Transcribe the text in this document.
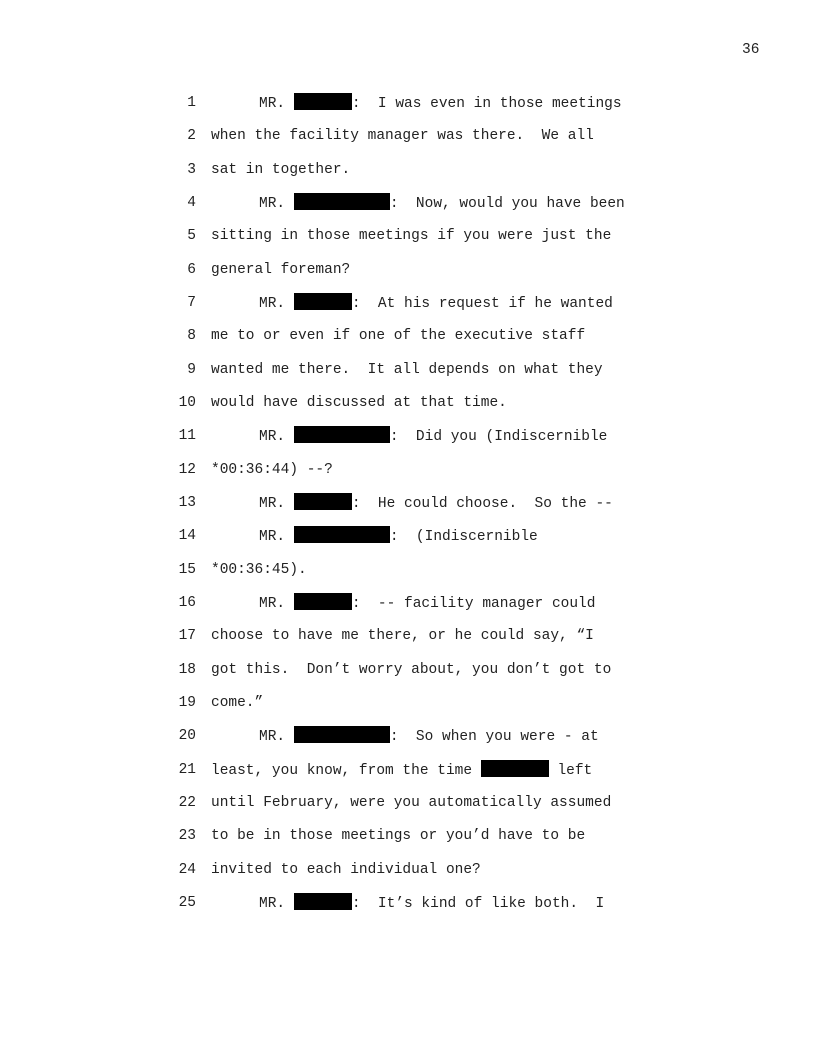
36
1	MR.	:  I was even in those meetings
2 when the facility manager was there.  We all
3 sat in together.
4	MR.	:  Now, would you have been
5 sitting in those meetings if you were just the
6 general foreman?
7	MR.	:  At his request if he wanted
8 me to or even if one of the executive staff
9 wanted me there.  It all depends on what they
10 would have discussed at that time.
11	MR.	:  Did you (Indiscernible
12 *00:36:44) --?
13	MR.	:  He could choose.  So the --
14	MR.	:  (Indiscernible
15 *00:36:45).
16	MR.	:  -- facility manager could
17 choose to have me there, or he could say, “I
18 got this.  Don’t worry about, you don’t got to
19 come.”
20	MR.	:  So when you were - at
21 least, you know, from the time	left
22 until February, were you automatically assumed
23 to be in those meetings or you’d have to be
24 invited to each individual one?
25	MR.	:  It’s kind of like both.  I
